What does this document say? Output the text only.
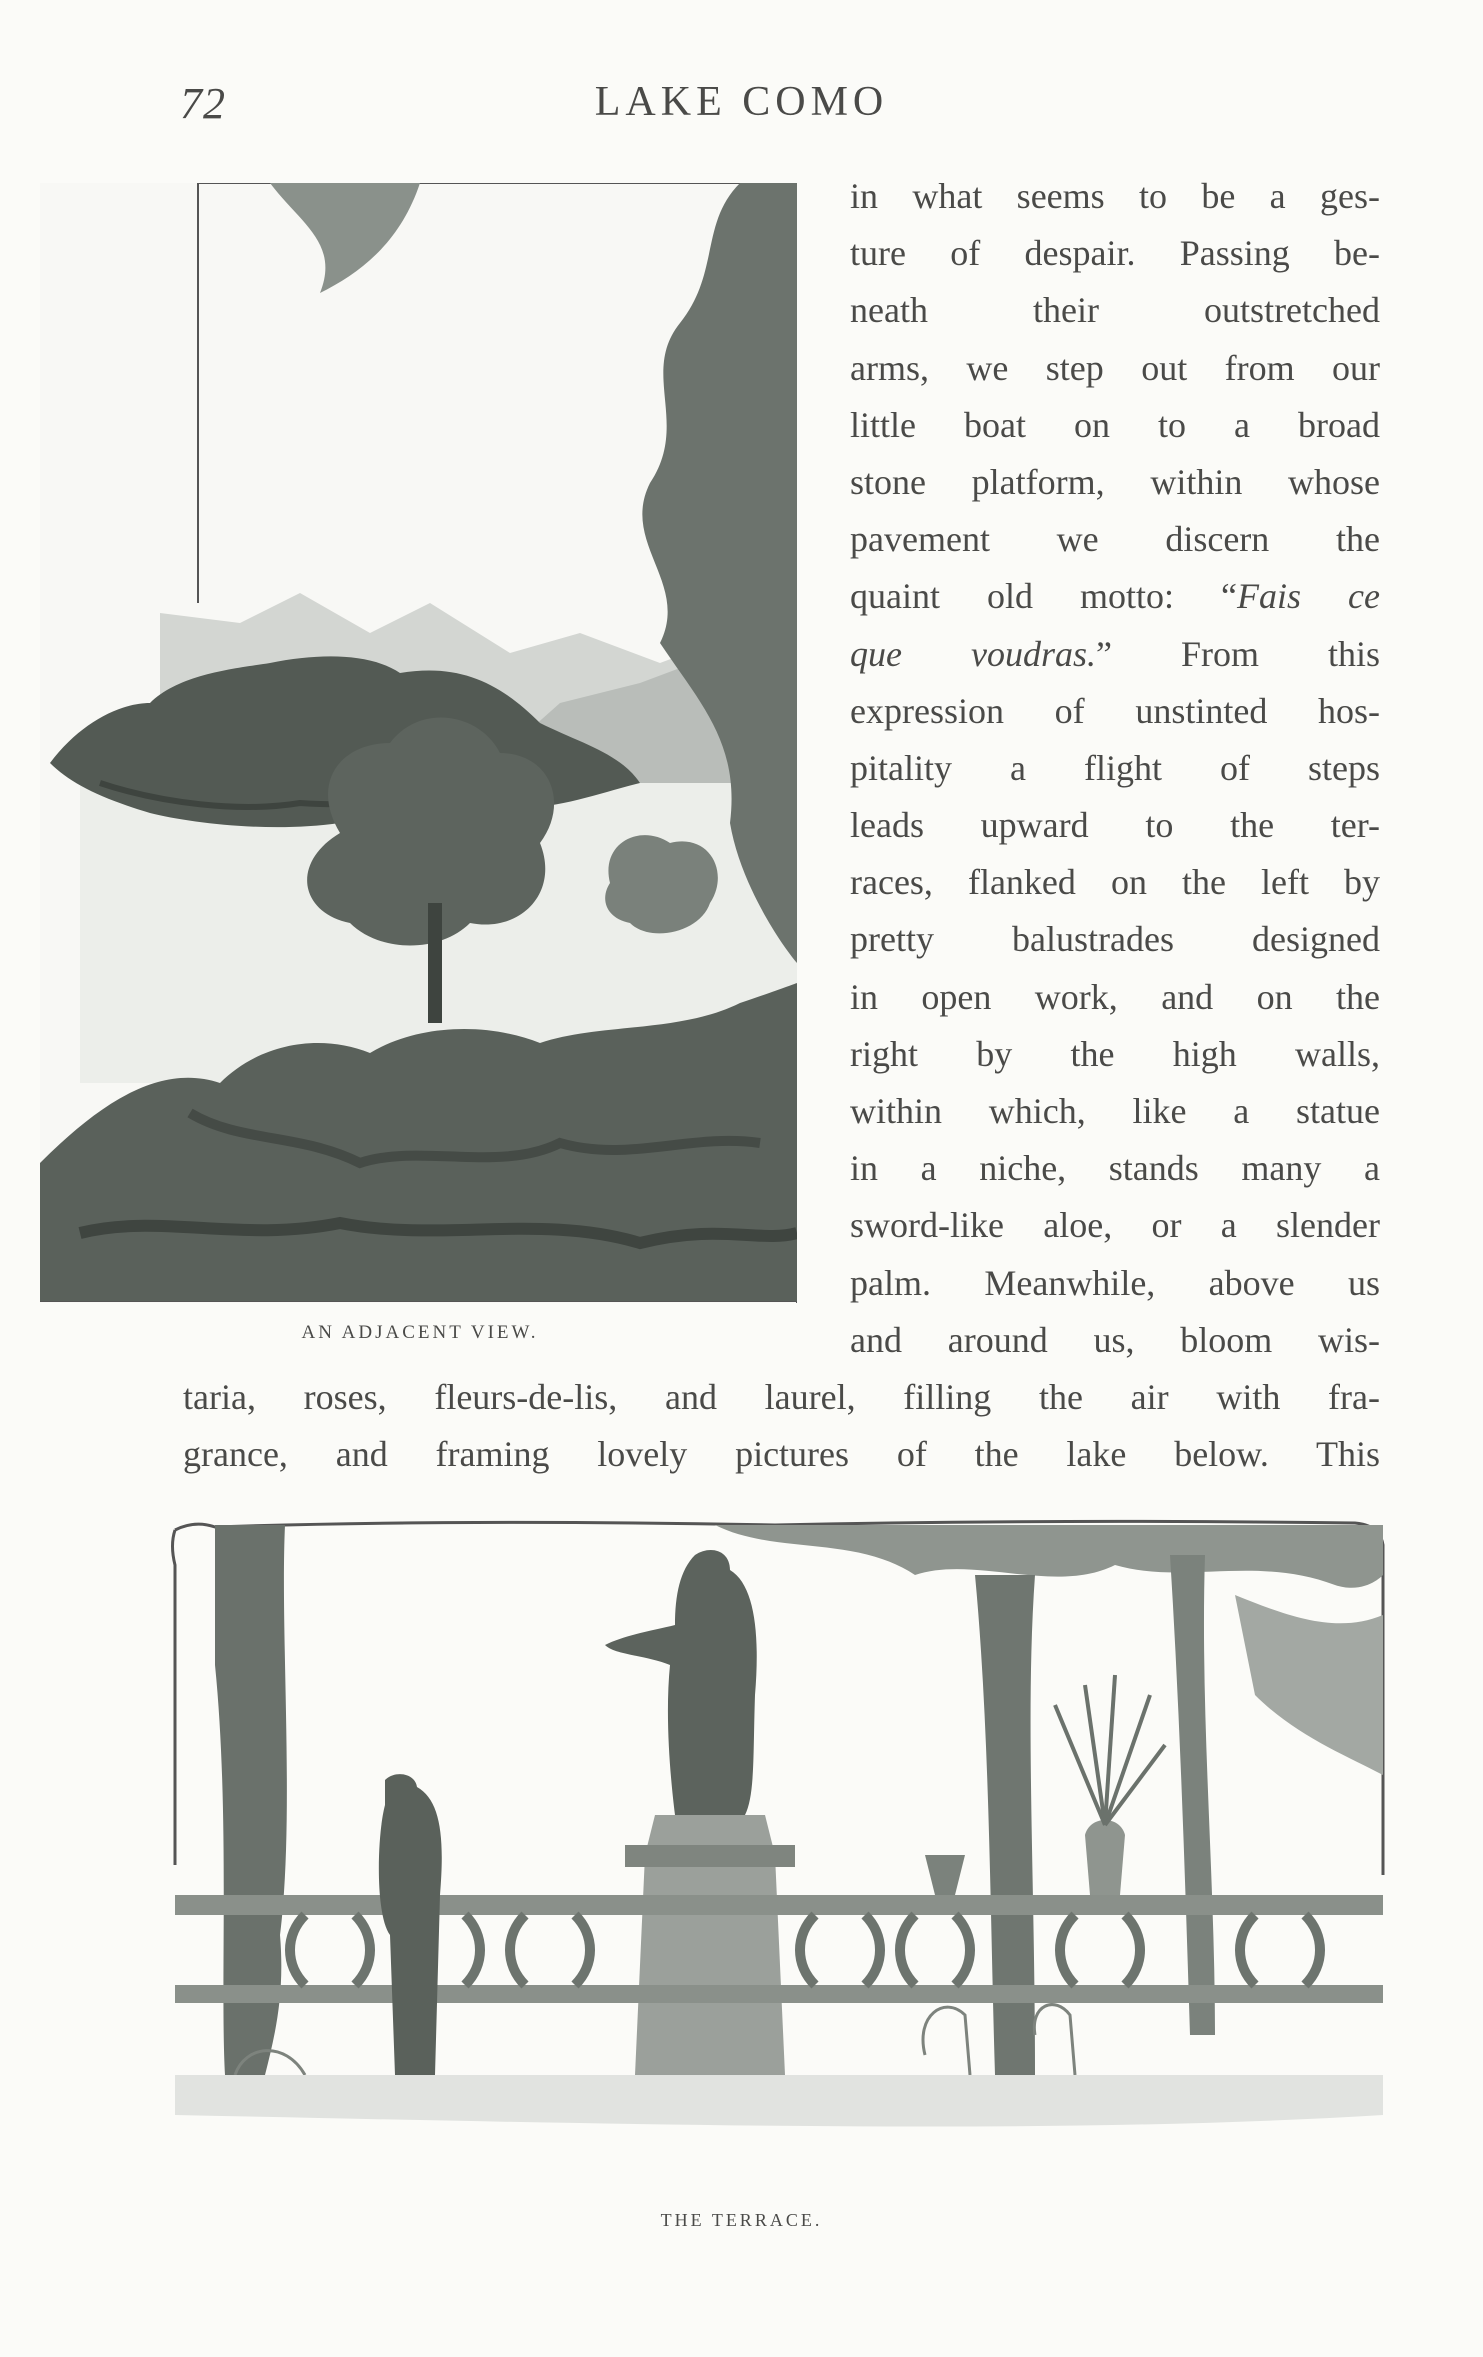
72	LAKE COMO
AN ADJACENT VIEW.
in what seems to be a ges-
ture of despair. Passing be-
neath their outstretched
arms, we step out from our
little boat on to a broad
stone platform, within whose
pavement we discern the
quaint old motto: “Fais ce
que voudras.” From this
expression of unstinted hos-
pitality a flight of steps
leads upward to the ter-
races, flanked on the left by
pretty balustrades designed
in open work, and on the
right by the high walls,
within which, like a statue
in a niche, stands many a
sword-like aloe, or a slender
palm. Meanwhile, above us
and around us, bloom wis-
taria, roses, fleurs-de-lis, and laurel, filling the air with fra-
grance, and framing lovely pictures of the lake below. This
THE TERRACE.
